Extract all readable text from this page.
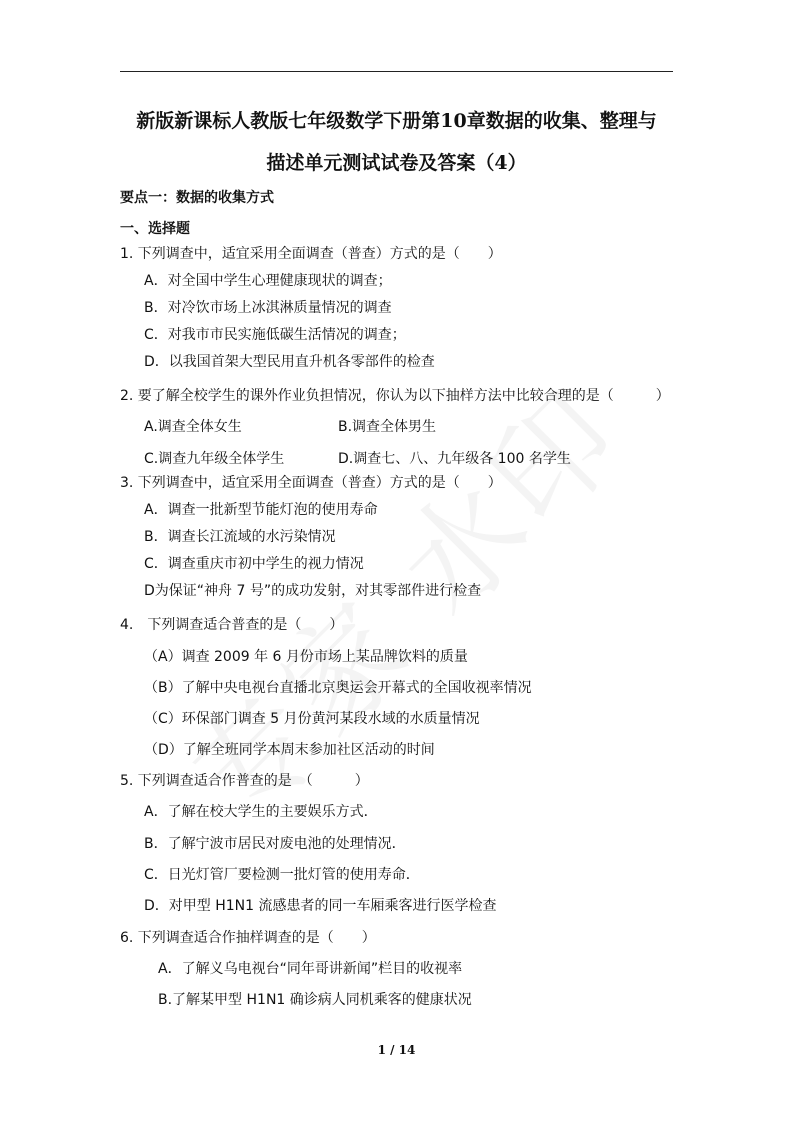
新版新课标人教版七年级数学下册第10章数据的收集、整理与
描述单元测试试卷及答案（4）
要点一：数据的收集方式
一、选择题
1. 下列调查中，适宜采用全面调查（普查）方式的是（　　）
A．对全国中学生心理健康现状的调查；
B．对冷饮市场上冰淇淋质量情况的调查
C．对我市市民实施低碳生活情况的调查；
D．以我国首架大型民用直升机各零部件的检查
2. 要了解全校学生的课外作业负担情况，你认为以下抽样方法中比较合理的是（　　　）
A.调查全体女生	B.调查全体男生
C.调查九年级全体学生	D.调查七、八、九年级各 100 名学生
3. 下列调查中，适宜采用全面调查（普查）方式的是（　　）
A．调查一批新型节能灯泡的使用寿命
B．调查长江流域的水污染情况
C．调查重庆市初中学生的视力情况
D为保证“神舟 7 号”的成功发射，对其零部件进行检查
4.　下列调查适合普查的是（　　）
（A）调查 2009 年 6 月份市场上某品牌饮料的质量
（B）了解中央电视台直播北京奥运会开幕式的全国收视率情况
（C）环保部门调查 5 月份黄河某段水域的水质量情况
（D）了解全班同学本周末参加社区活动的时间
5. 下列调查适合作普查的是　（　　　）
A．了解在校大学生的主要娱乐方式．
B．了解宁波市居民对废电池的处理情况．
C．日光灯管厂要检测一批灯管的使用寿命．
D．对甲型 H1N1 流感患者的同一车厢乘客进行医学检查
6. 下列调查适合作抽样调查的是（　　）
A．了解义乌电视台“同年哥讲新闻”栏目的收视率
B.了解某甲型 H1N1 确诊病人同机乘客的健康状况
1 / 14
